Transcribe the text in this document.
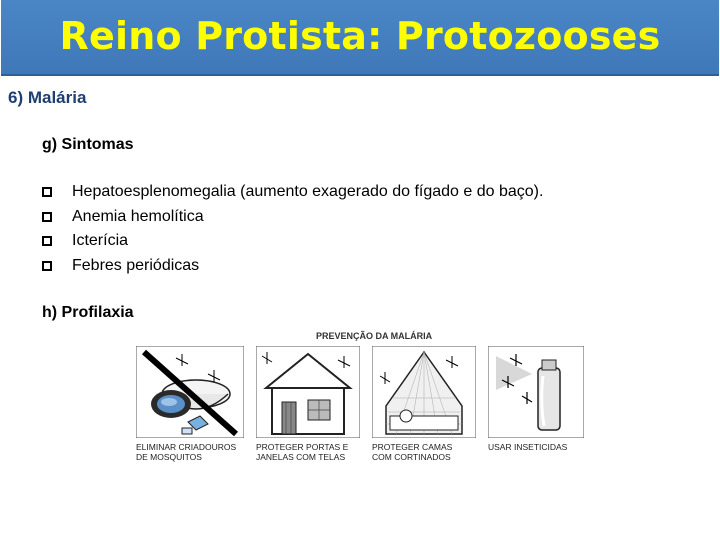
Reino Protista: Protozooses
6) Malária
g) Sintomas
Hepatoesplenomegalia (aumento exagerado do fígado e do baço).
Anemia hemolítica
Icterícia
Febres periódicas
h) Profilaxia
PREVENÇÃO DA MALÁRIA
ELIMINAR CRIADOUROS
DE MOSQUITOS
PROTEGER PORTAS E
JANELAS COM TELAS
PROTEGER CAMAS
COM CORTINADOS
USAR INSETICIDAS
